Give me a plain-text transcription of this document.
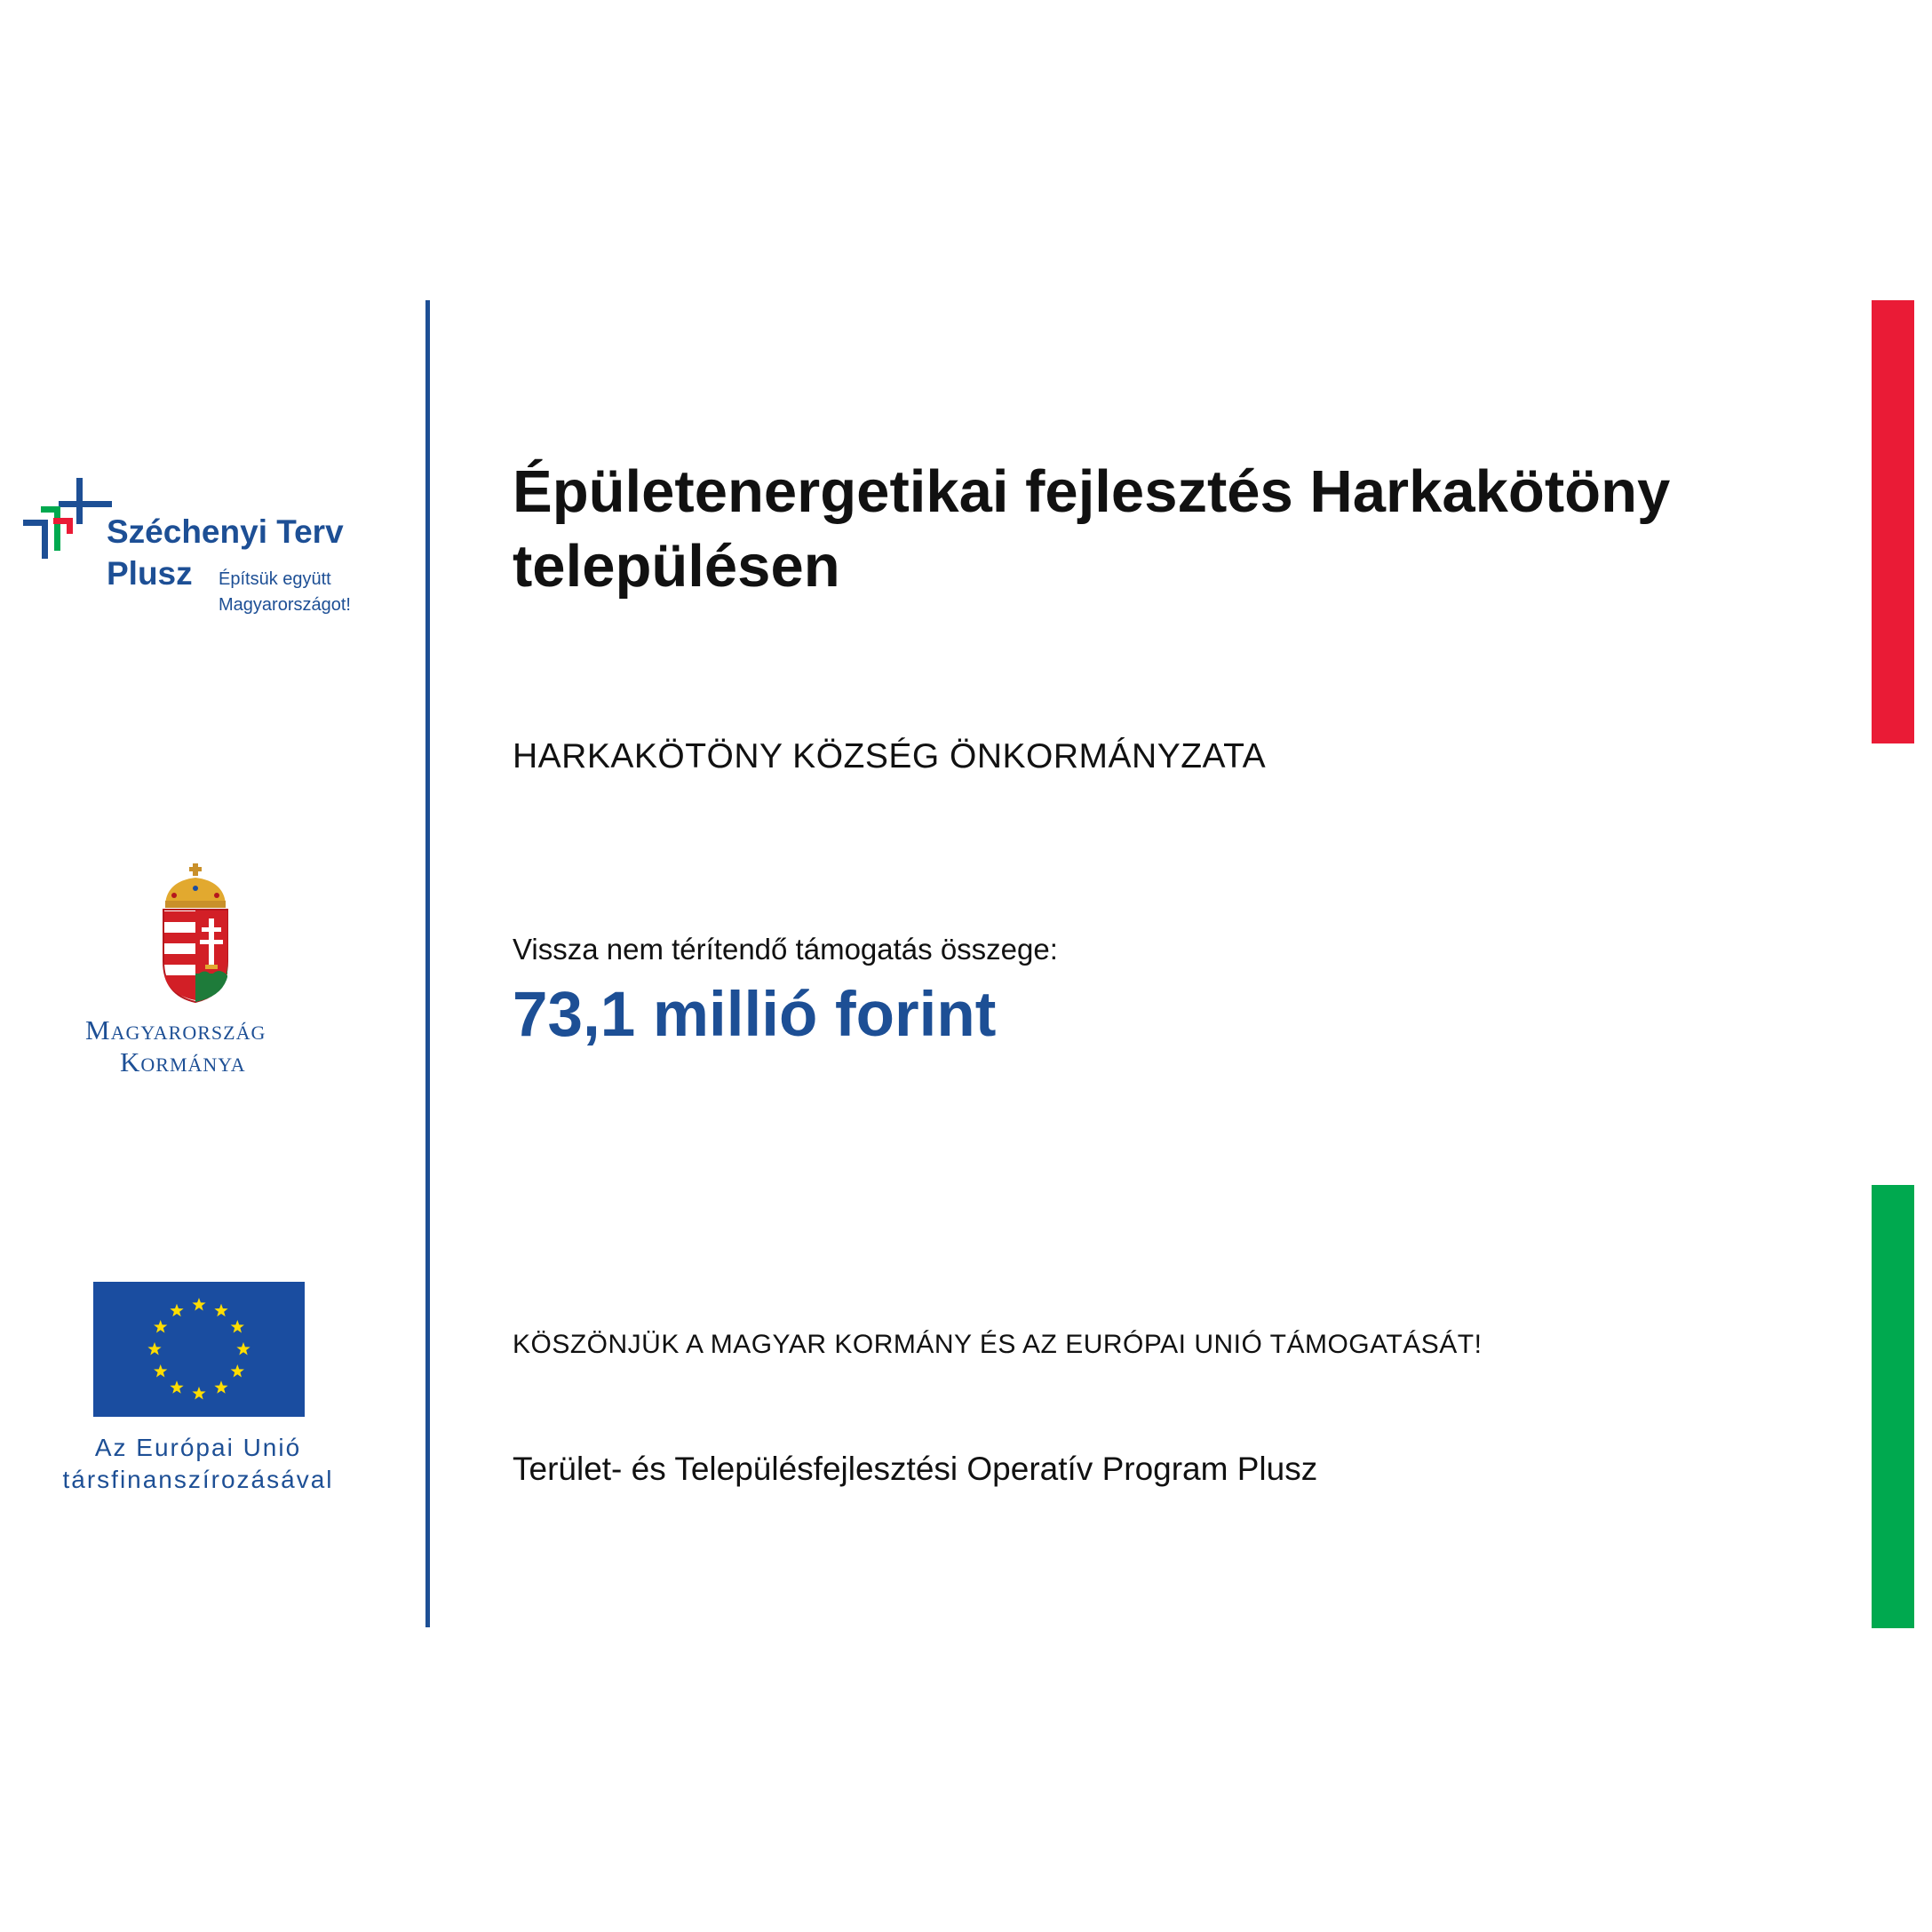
Széchenyi Terv
Plusz Építsük együtt
Magyarországot!
Magyarország
Kormánya
Az Európai Unió
társfinanszírozásával
Épületenergetikai fejlesztés Harkakötöny településen
HARKAKÖTÖNY KÖZSÉG ÖNKORMÁNYZATA
Vissza nem térítendő támogatás összege:
73,1 millió forint
KÖSZÖNJÜK A MAGYAR KORMÁNY ÉS AZ EURÓPAI UNIÓ TÁMOGATÁSÁT!
Terület- és Településfejlesztési Operatív Program Plusz
